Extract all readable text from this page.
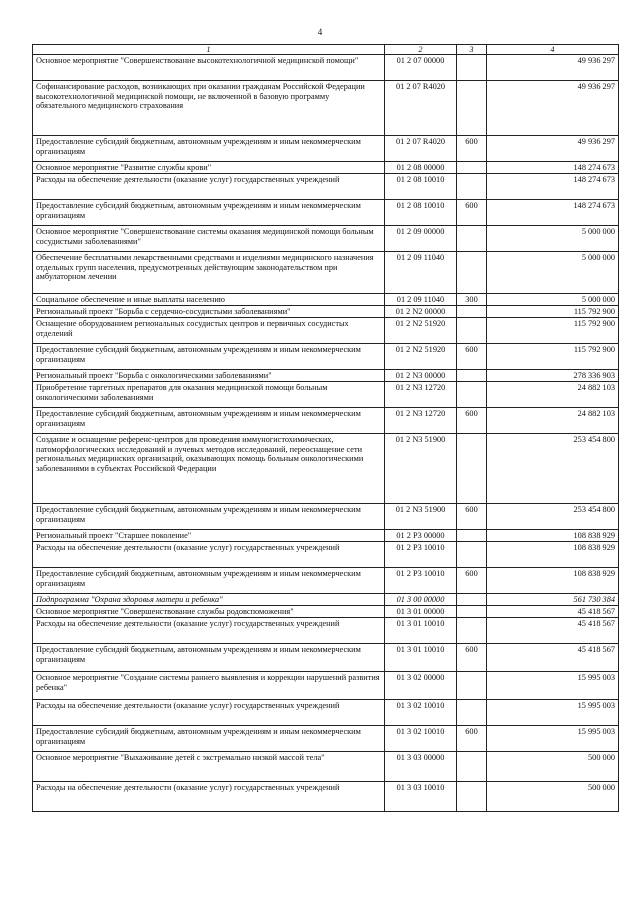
4
1	2	3	4
Основное мероприятие "Совершенствование высокотехнологичной медицинской помощи"	01 2 07 00000		49 936 297
Софинансирование расходов, возникающих при оказании гражданам Российской Федерации высокотехнологичной медицинской помощи, не включенной в базовую программу обязательного медицинского страхования	01 2 07 R4020		49 936 297
Предоставление субсидий бюджетным, автономным учреждениям и иным некоммерческим организациям	01 2 07 R4020	600	49 936 297
Основное мероприятие "Развитие службы крови"	01 2 08 00000		148 274 673
Расходы на обеспечение деятельности (оказание услуг) государственных учреждений	01 2 08 10010		148 274 673
Предоставление субсидий бюджетным, автономным учреждениям и иным некоммерческим организациям	01 2 08 10010	600	148 274 673
Основное мероприятие "Совершенствование системы оказания медицинской помощи больным сосудистыми заболеваниями"	01 2 09 00000		5 000 000
Обеспечение бесплатными лекарственными средствами и изделиями медицинского назначения отдельных групп населения, предусмотренных действующим законодательством при амбулаторном лечении	01 2 09 11040		5 000 000
Социальное обеспечение и иные выплаты населению	01 2 09 11040	300	5 000 000
Региональный проект "Борьба с сердечно-сосудистыми заболеваниями"	01 2 N2 00000		115 792 900
Оснащение оборудованием региональных сосудистых центров и первичных сосудистых отделений	01 2 N2 51920		115 792 900
Предоставление субсидий бюджетным, автономным учреждениям и иным некоммерческим организациям	01 2 N2 51920	600	115 792 900
Региональный проект "Борьба с онкологическими заболеваниями"	01 2 N3 00000		278 336 903
Приобретение таргетных препаратов для оказания медицинской помощи больным онкологическими заболеваниями	01 2 N3 12720		24 882 103
Предоставление субсидий бюджетным, автономным учреждениям и иным некоммерческим организациям	01 2 N3 12720	600	24 882 103
Создание и оснащение референс-центров для проведения иммуногистохимических, патоморфологических исследований и лучевых методов исследований, переоснащение сети региональных медицинских организаций, оказывающих помощь больным онкологическими заболеваниями в субъектах Российской Федерации	01 2 N3 51900		253 454 800
Предоставление субсидий бюджетным, автономным учреждениям и иным некоммерческим организациям	01 2 N3 51900	600	253 454 800
Региональный проект "Старшее поколение"	01 2 P3 00000		108 838 929
Расходы на обеспечение деятельности (оказание услуг) государственных учреждений	01 2 P3 10010		108 838 929
Предоставление субсидий бюджетным, автономным учреждениям и иным некоммерческим организациям	01 2 P3 10010	600	108 838 929
Подпрограмма "Охрана здоровья матери и ребенка"	01 3 00 00000		561 730 384
Основное мероприятие "Совершенствование службы родовспоможения"	01 3 01 00000		45 418 567
Расходы на обеспечение деятельности (оказание услуг) государственных учреждений	01 3 01 10010		45 418 567
Предоставление субсидий бюджетным, автономным учреждениям и иным некоммерческим организациям	01 3 01 10010	600	45 418 567
Основное мероприятие "Создание системы раннего выявления и коррекции нарушений развития ребенка"	01 3 02 00000		15 995 003
Расходы на обеспечение деятельности (оказание услуг) государственных учреждений	01 3 02 10010		15 995 003
Предоставление субсидий бюджетным, автономным учреждениям и иным некоммерческим организациям	01 3 02 10010	600	15 995 003
Основное мероприятие "Выхаживание детей с экстремально низкой массой тела"	01 3 03 00000		500 000
Расходы на обеспечение деятельности (оказание услуг) государственных учреждений	01 3 03 10010		500 000
